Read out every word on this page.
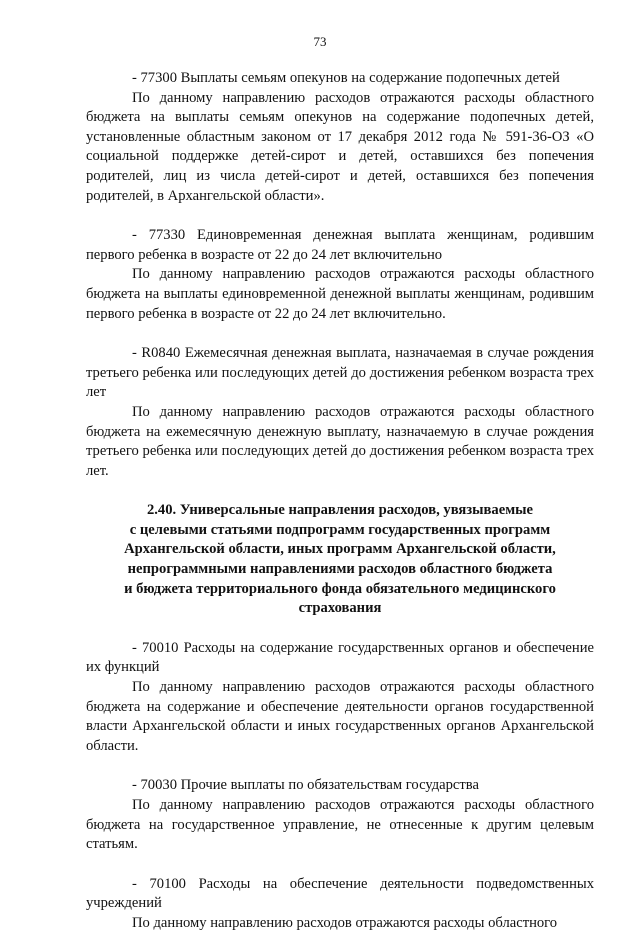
73

- 77300 Выплаты семьям опекунов на содержание подопечных детей

По данному направлению расходов отражаются расходы областного бюджета на выплаты семьям опекунов на содержание подопечных детей, установленные областным законом от 17 декабря 2012 года № 591-36-ОЗ «О социальной поддержке детей-сирот и детей, оставшихся без попечения родителей, лиц из числа детей-сирот и детей, оставшихся без попечения родителей, в Архангельской области».

- 77330 Единовременная денежная выплата женщинам, родившим первого ребенка в возрасте от 22 до 24 лет включительно

По данному направлению расходов отражаются расходы областного бюджета на выплаты единовременной денежной выплаты женщинам, родившим первого ребенка в возрасте от 22 до 24 лет включительно.

- R0840 Ежемесячная денежная выплата, назначаемая в случае рождения третьего ребенка или последующих детей до достижения ребенком возраста трех лет

По данному направлению расходов отражаются расходы областного бюджета на ежемесячную денежную выплату, назначаемую в случае рождения третьего ребенка или последующих детей до достижения ребенком возраста трех лет.

2.40. Универсальные направления расходов, увязываемые
с целевыми статьями подпрограмм государственных программ
Архангельской области, иных программ Архангельской области,
непрограммными направлениями расходов областного бюджета
и бюджета территориального фонда обязательного медицинского
страхования

- 70010 Расходы на содержание государственных органов и обеспечение их функций

По данному направлению расходов отражаются расходы областного бюджета на содержание и обеспечение деятельности органов государственной власти Архангельской области и иных государственных органов Архангельской области.

- 70030 Прочие выплаты по обязательствам государства

По данному направлению расходов отражаются расходы областного бюджета на государственное управление, не отнесенные к другим целевым статьям.

- 70100 Расходы на обеспечение деятельности подведомственных учреждений

По данному направлению расходов отражаются расходы областного
